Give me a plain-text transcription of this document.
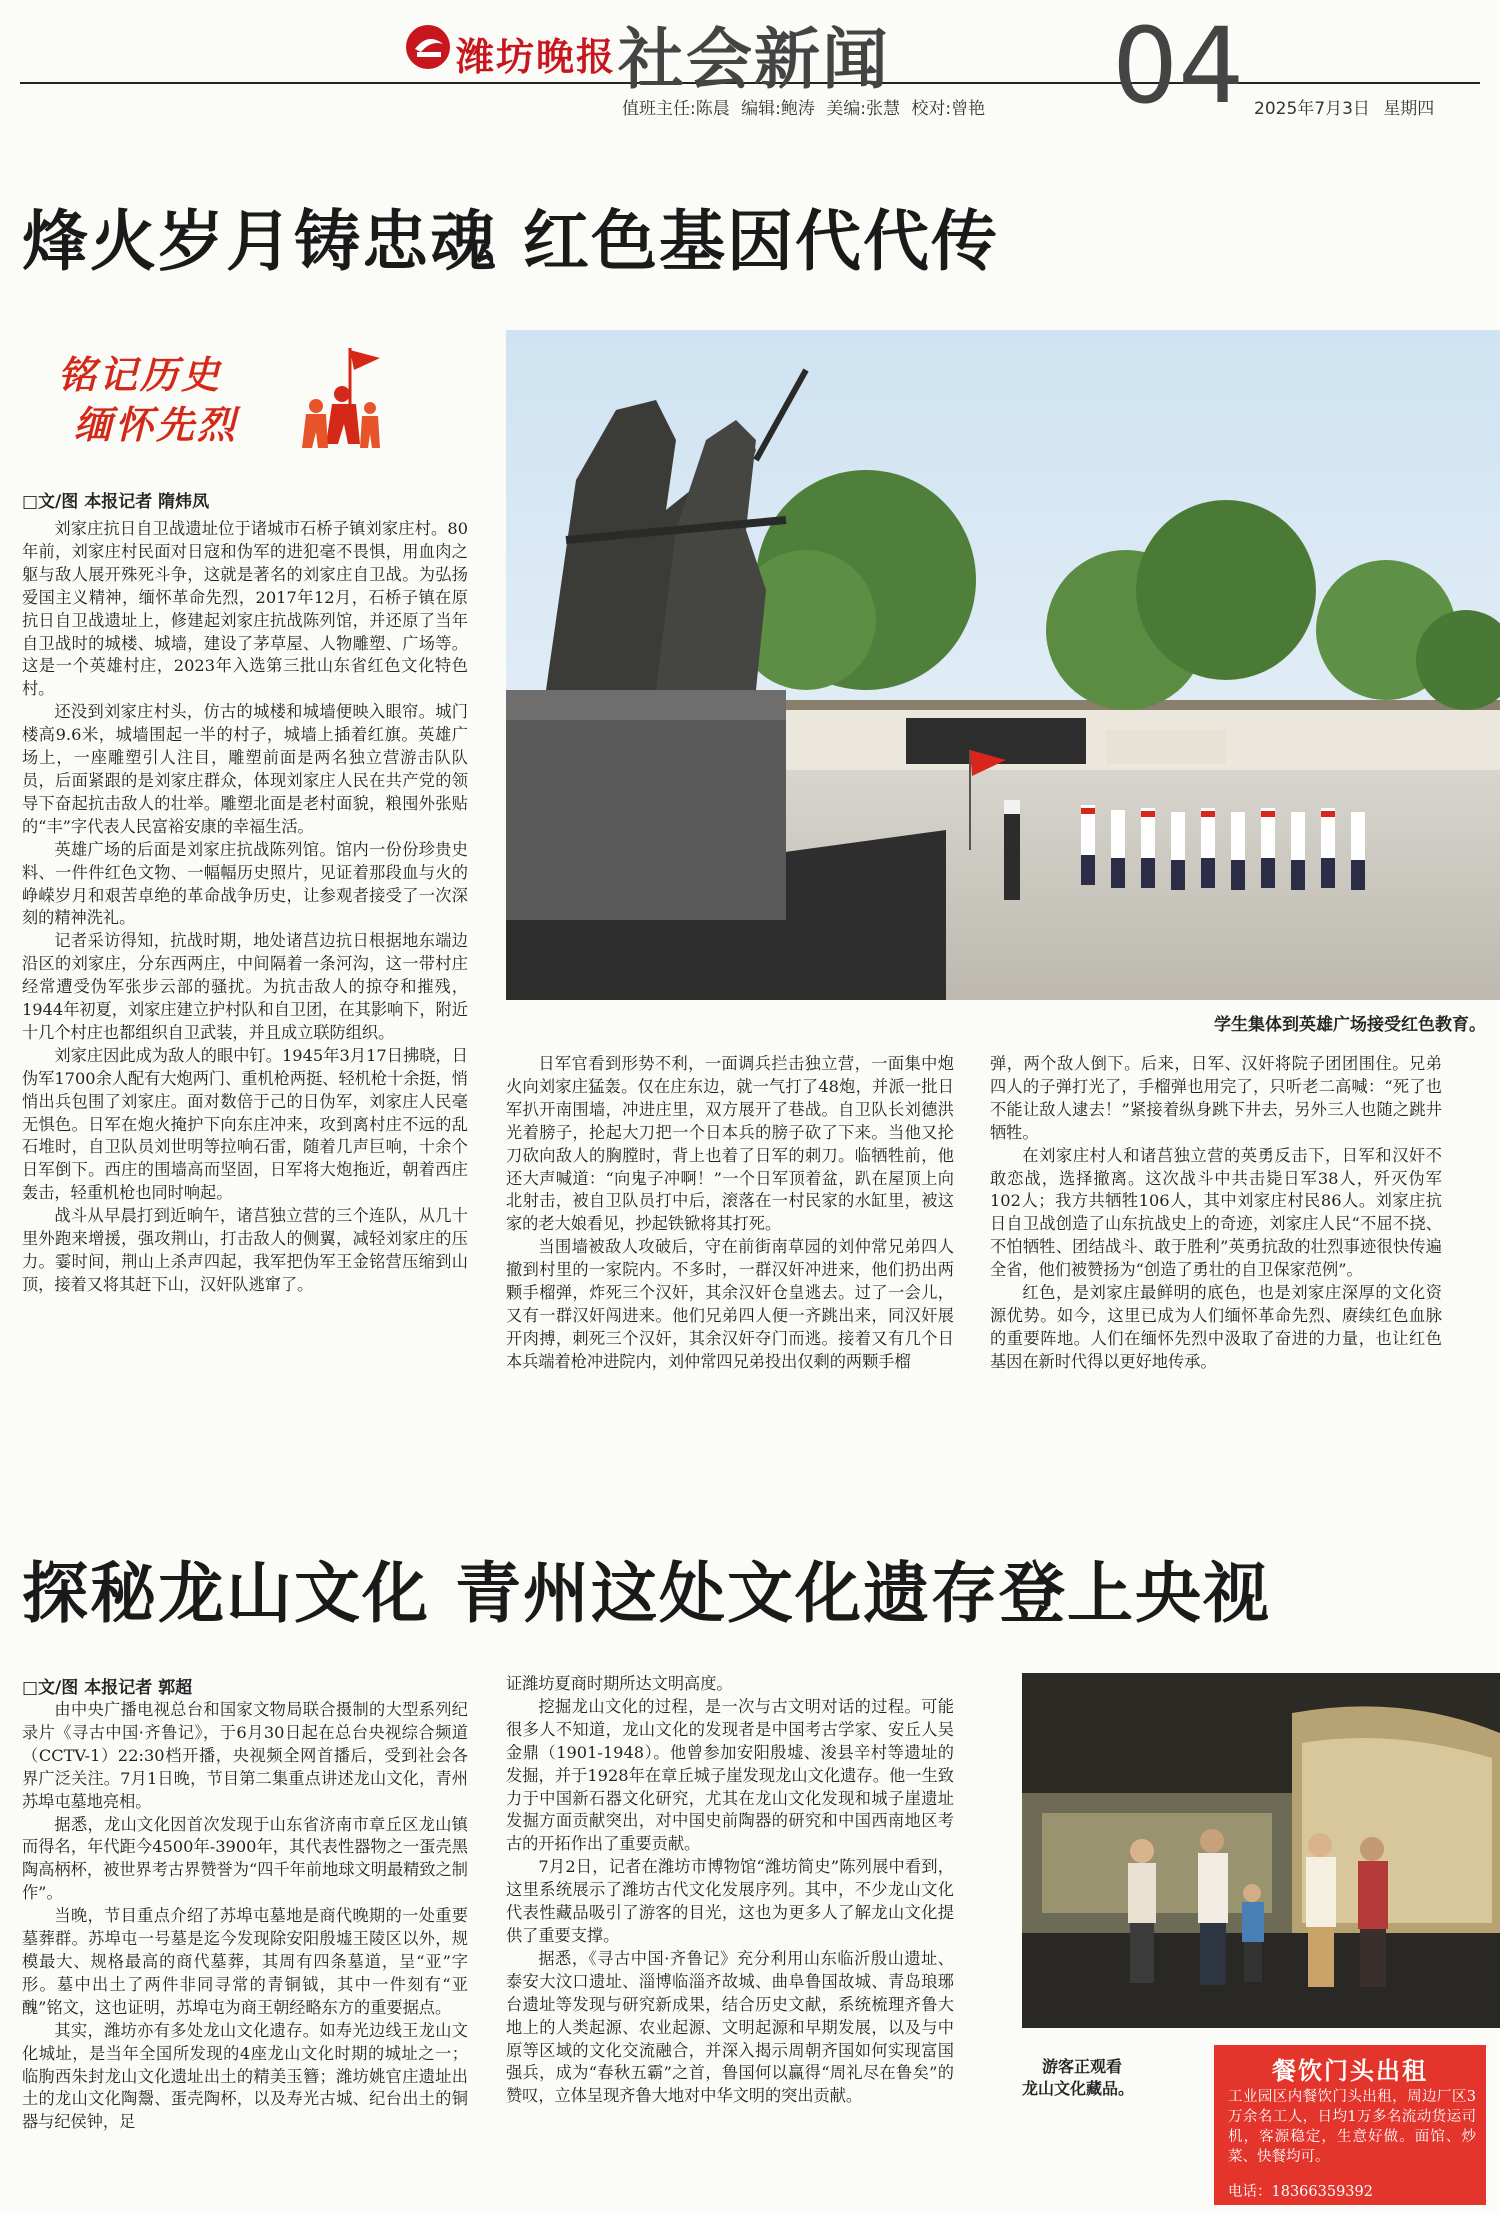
潍坊晚报 社会新闻 04
值班主任:陈晨 编辑:鲍涛 美编:张慧 校对:曾艳	2025年7月3日 星期四
烽火岁月铸忠魂 红色基因代代传
铭记历史
缅怀先烈
□文/图 本报记者 隋炜凤
学生集体到英雄广场接受红色教育。

刘家庄抗日自卫战遗址位于诸城市石桥子镇刘家庄村。80年前，刘家庄村民面对日寇和伪军的进犯毫不畏惧，用血肉之躯与敌人展开殊死斗争，这就是著名的刘家庄自卫战。为弘扬爱国主义精神，缅怀革命先烈，2017年12月，石桥子镇在原抗日自卫战遗址上，修建起刘家庄抗战陈列馆，并还原了当年自卫战时的城楼、城墙，建设了茅草屋、人物雕塑、广场等。这是一个英雄村庄，2023年入选第三批山东省红色文化特色村。

还没到刘家庄村头，仿古的城楼和城墙便映入眼帘。城门楼高9.6米，城墙围起一半的村子，城墙上插着红旗。英雄广场上，一座雕塑引人注目，雕塑前面是两名独立营游击队队员，后面紧跟的是刘家庄群众，体现刘家庄人民在共产党的领导下奋起抗击敌人的壮举。雕塑北面是老村面貌，粮囤外张贴的“丰”字代表人民富裕安康的幸福生活。

英雄广场的后面是刘家庄抗战陈列馆。馆内一份份珍贵史料、一件件红色文物、一幅幅历史照片，见证着那段血与火的峥嵘岁月和艰苦卓绝的革命战争历史，让参观者接受了一次深刻的精神洗礼。

记者采访得知，抗战时期，地处诸莒边抗日根据地东端边沿区的刘家庄，分东西两庄，中间隔着一条河沟，这一带村庄经常遭受伪军张步云部的骚扰。为抗击敌人的掠夺和摧残，1944年初夏，刘家庄建立护村队和自卫团，在其影响下，附近十几个村庄也都组织自卫武装，并且成立联防组织。

刘家庄因此成为敌人的眼中钉。1945年3月17日拂晓，日伪军1700余人配有大炮两门、重机枪两挺、轻机枪十余挺，悄悄出兵包围了刘家庄。面对数倍于己的日伪军，刘家庄人民毫无惧色。日军在炮火掩护下向东庄冲来，攻到离村庄不远的乱石堆时，自卫队员刘世明等拉响石雷，随着几声巨响，十余个日军倒下。西庄的围墙高而坚固，日军将大炮拖近，朝着西庄轰击，轻重机枪也同时响起。

战斗从早晨打到近晌午，诸莒独立营的三个连队，从几十里外跑来增援，强攻荆山，打击敌人的侧翼，减轻刘家庄的压力。霎时间，荆山上杀声四起，我军把伪军王金铭营压缩到山顶，接着又将其赶下山，汉奸队逃窜了。

日军官看到形势不利，一面调兵拦击独立营，一面集中炮火向刘家庄猛轰。仅在庄东边，就一气打了48炮，并派一批日军扒开南围墙，冲进庄里，双方展开了巷战。自卫队长刘德洪光着膀子，抡起大刀把一个日本兵的膀子砍了下来。当他又抡刀砍向敌人的胸膛时，背上也着了日军的刺刀。临牺牲前，他还大声喊道：“向鬼子冲啊！”一个日军顶着盆，趴在屋顶上向北射击，被自卫队员打中后，滚落在一村民家的水缸里，被这家的老大娘看见，抄起铁锨将其打死。

当围墙被敌人攻破后，守在前街南草园的刘仲常兄弟四人撤到村里的一家院内。不多时，一群汉奸冲进来，他们扔出两颗手榴弹，炸死三个汉奸，其余汉奸仓皇逃去。过了一会儿，又有一群汉奸闯进来。他们兄弟四人便一齐跳出来，同汉奸展开肉搏，刺死三个汉奸，其余汉奸夺门而逃。接着又有几个日本兵端着枪冲进院内，刘仲常四兄弟投出仅剩的两颗手榴

弹，两个敌人倒下。后来，日军、汉奸将院子团团围住。兄弟四人的子弹打光了，手榴弹也用完了，只听老二高喊：“死了也不能让敌人逮去！”紧接着纵身跳下井去，另外三人也随之跳井牺牲。

在刘家庄村人和诸莒独立营的英勇反击下，日军和汉奸不敢恋战，选择撤离。这次战斗中共击毙日军38人，歼灭伪军102人；我方共牺牲106人，其中刘家庄村民86人。刘家庄抗日自卫战创造了山东抗战史上的奇迹，刘家庄人民“不屈不挠、不怕牺牲、团结战斗、敢于胜利”英勇抗敌的壮烈事迹很快传遍全省，他们被赞扬为“创造了勇壮的自卫保家范例”。

红色，是刘家庄最鲜明的底色，也是刘家庄深厚的文化资源优势。如今，这里已成为人们缅怀革命先烈、赓续红色血脉的重要阵地。人们在缅怀先烈中汲取了奋进的力量，也让红色基因在新时代得以更好地传承。

探秘龙山文化 青州这处文化遗存登上央视
□文/图 本报记者 郭超

由中央广播电视总台和国家文物局联合摄制的大型系列纪录片《寻古中国·齐鲁记》，于6月30日起在总台央视综合频道（CCTV-1）22:30档开播，央视频全网首播后，受到社会各界广泛关注。7月1日晚，节目第二集重点讲述龙山文化，青州苏埠屯墓地亮相。

据悉，龙山文化因首次发现于山东省济南市章丘区龙山镇而得名，年代距今4500年-3900年，其代表性器物之一蛋壳黑陶高柄杯，被世界考古界赞誉为“四千年前地球文明最精致之制作”。

当晚，节目重点介绍了苏埠屯墓地是商代晚期的一处重要墓葬群。苏埠屯一号墓是迄今发现除安阳殷墟王陵区以外，规模最大、规格最高的商代墓葬，其周有四条墓道，呈“亚”字形。墓中出土了两件非同寻常的青铜钺，其中一件刻有“亚醜”铭文，这也证明，苏埠屯为商王朝经略东方的重要据点。

其实，潍坊亦有多处龙山文化遗存。如寿光边线王龙山文化城址，是当年全国所发现的4座龙山文化时期的城址之一；临朐西朱封龙山文化遗址出土的精美玉簪；潍坊姚官庄遗址出土的龙山文化陶鬶、蛋壳陶杯，以及寿光古城、纪台出土的铜器与纪侯钟，足

证潍坊夏商时期所达文明高度。

挖掘龙山文化的过程，是一次与古文明对话的过程。可能很多人不知道，龙山文化的发现者是中国考古学家、安丘人吴金鼎（1901-1948）。他曾参加安阳殷墟、浚县辛村等遗址的发掘，并于1928年在章丘城子崖发现龙山文化遗存。他一生致力于中国新石器文化研究，尤其在龙山文化发现和城子崖遗址发掘方面贡献突出，对中国史前陶器的研究和中国西南地区考古的开拓作出了重要贡献。

7月2日，记者在潍坊市博物馆“潍坊简史”陈列展中看到，这里系统展示了潍坊古代文化发展序列。其中，不少龙山文化代表性藏品吸引了游客的目光，这也为更多人了解龙山文化提供了重要支撑。

据悉，《寻古中国·齐鲁记》充分利用山东临沂殷山遗址、泰安大汶口遗址、淄博临淄齐故城、曲阜鲁国故城、青岛琅琊台遗址等发现与研究新成果，结合历史文献，系统梳理齐鲁大地上的人类起源、农业起源、文明起源和早期发展，以及与中原等区域的文化交流融合，并深入揭示周朝齐国如何实现富国强兵，成为“春秋五霸”之首，鲁国何以赢得“周礼尽在鲁矣”的赞叹，立体呈现齐鲁大地对中华文明的突出贡献。

游客正观看
龙山文化藏品。
餐饮门头出租
工业园区内餐饮门头出租，周边厂区3万余名工人，日均1万多名流动货运司机，客源稳定，生意好做。面馆、炒菜、快餐均可。
电话：18366359392
